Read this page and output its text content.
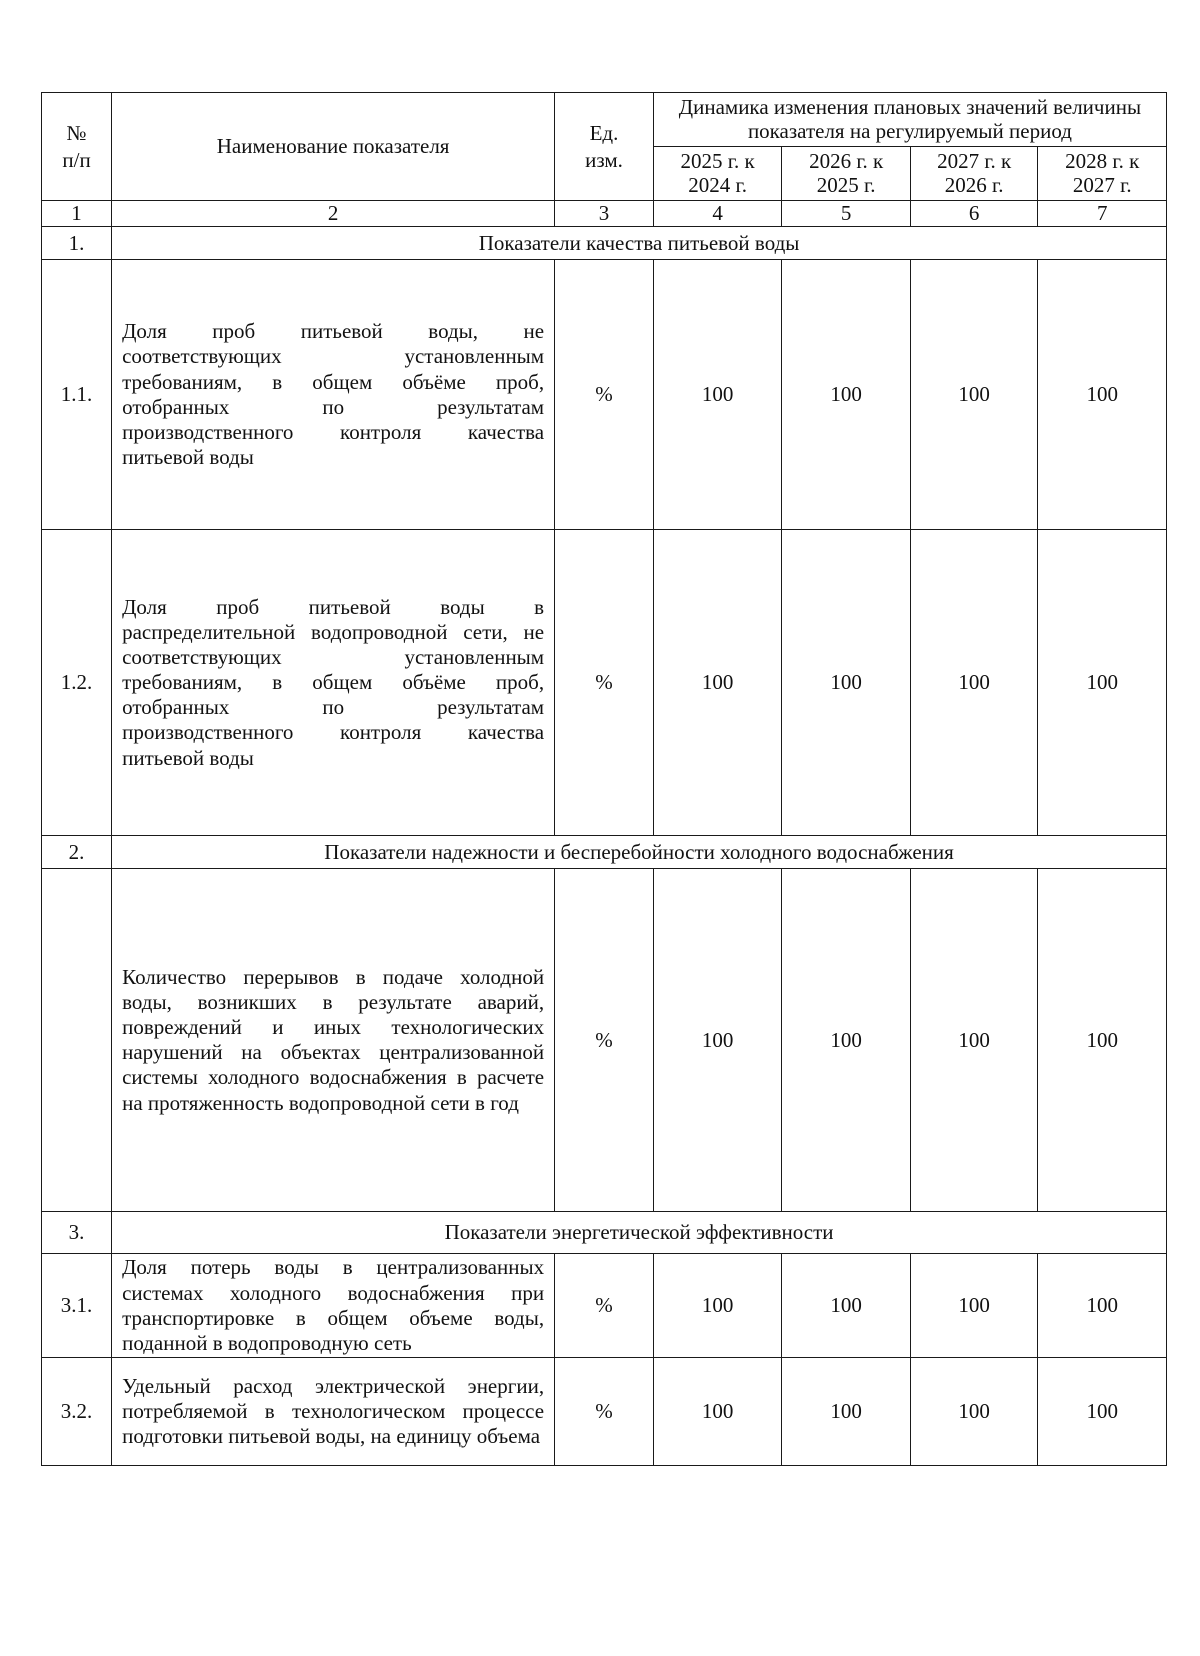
№ п/п	Наименование показателя	Ед. изм.	Динамика изменения плановых значений величины показателя на регулируемый период			
			2025 г. к 2024 г.	2026 г. к 2025 г.	2027 г. к 2026 г.	2028 г. к 2027 г.
1	2	3	4	5	6	7
1.	Показатели качества питьевой воды					
1.1.	Доля проб питьевой воды, не соответствующих установленным требованиям, в общем объёме проб, отобранных по результатам производственного контроля качества питьевой воды	%	100	100	100	100
1.2.	Доля проб питьевой воды в распределительной водопроводной сети, не соответствующих установленным требованиям, в общем объёме проб, отобранных по результатам производственного контроля качества питьевой воды	%	100	100	100	100
2.	Показатели надежности и бесперебойности холодного водоснабжения					

	Количество перерывов в подаче холодной воды, возникших в результате аварий, повреждений и иных технологических нарушений на объектах централизованной системы холодного водоснабжения в расчете на протяженность водопроводной сети в год	%	100	100	100	100
3.	Показатели энергетической эффективности					
3.1.	Доля потерь воды в централизованных системах холодного водоснабжения при транспортировке в общем объеме воды, поданной в водопроводную сеть	%	100	100	100	100
3.2.	Удельный расход электрической энергии, потребляемой в технологическом процессе подготовки питьевой воды, на единицу объема	%	100	100	100	100
